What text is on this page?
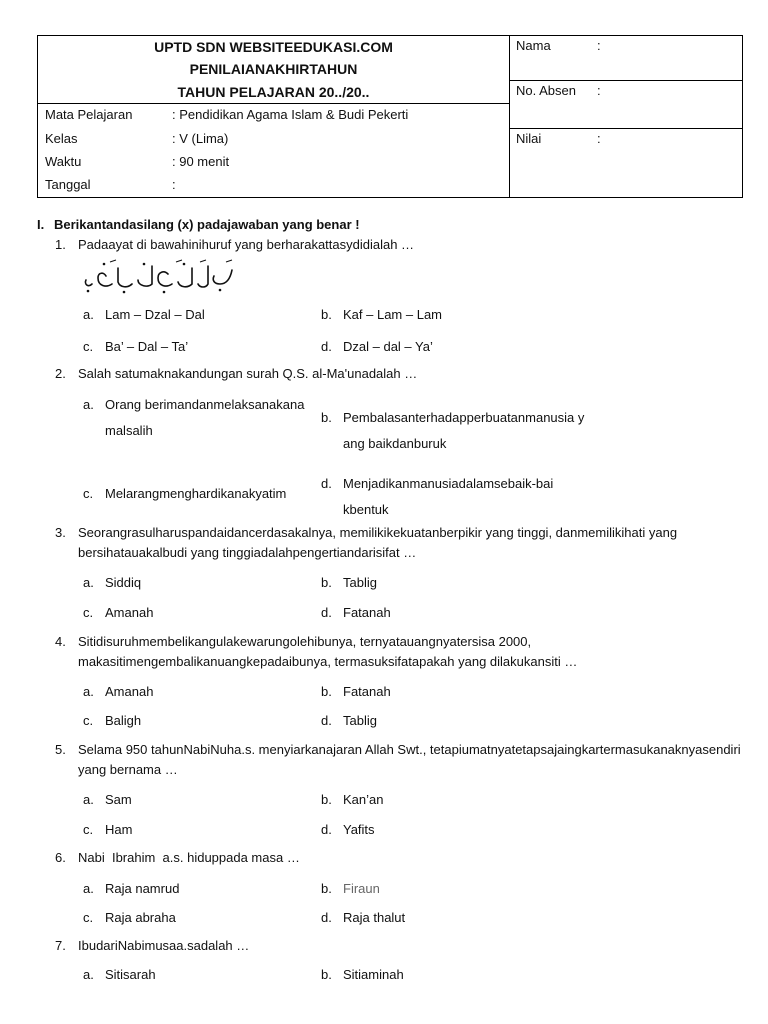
UPTD SDN WEBSITEEDUKASI.COM
PENILAIANAKHIRTAHUN
TAHUN PELAJARAN 20../20..
Mata Pelajaran	: Pendidikan Agama Islam & Budi Pekerti
Kelas	: V (Lima)
Waktu	: 90 menit
Tanggal	:
Nama	:
No. Absen :
Nilai	:
I. Berikantandasilang (x) padajawaban yang benar !
1. Padaayat di bawahinihuruf yang berharakattasydidialah …
a. Lam – Dzal – Dal	b. Kaf – Lam – Lam
c. Ba’ – Dal – Ta’	d. Dzal – dal – Ya’
2. Salah satumaknakandungan surah Q.S. al-Ma'unadalah …
a. Orang berimandanmelaksanakanamalsalih
b. Pembalasanterhadapperbuatanmanusia yang baikdanburuk
c. Melarangmenghardikanakyatim
d. Menjadikanmanusiadalamsebaik-baikbentuk
3. Seorangrasulharuspandaidancerdasakalnya, memilikikekuatanberpikir yang tinggi, danmemilikihati yang bersihatauakalbudi yang tinggiadalahpengertiandarisifat …
a. Siddiq	b. Tablig
c. Amanah	d. Fatanah
4. Sitidisuruhmembelikangulakewarungolehibunya, ternyatauangnyatersisa 2000, makasitimengembalikanuangkepadaibunya, termasuksifatapakah yang dilakukansiti …
a. Amanah	b. Fatanah
c. Baligh	d. Tablig
5. Selama 950 tahunNabiNuha.s. menyiarkanajaran Allah Swt., tetapiumatnyatetapsajaingkartermasukanaknyasendiri yang bernama …
a. Sam	b. Kan’an
c. Ham	d. Yafits
6. Nabi  Ibrahim  a.s. hiduppada masa …
a. Raja namrud	b. Firaun
c. Raja abraha	d. Raja thalut
7. IbudariNabimusaa.sadalah …
a. Sitisarah	b. Sitiaminah
